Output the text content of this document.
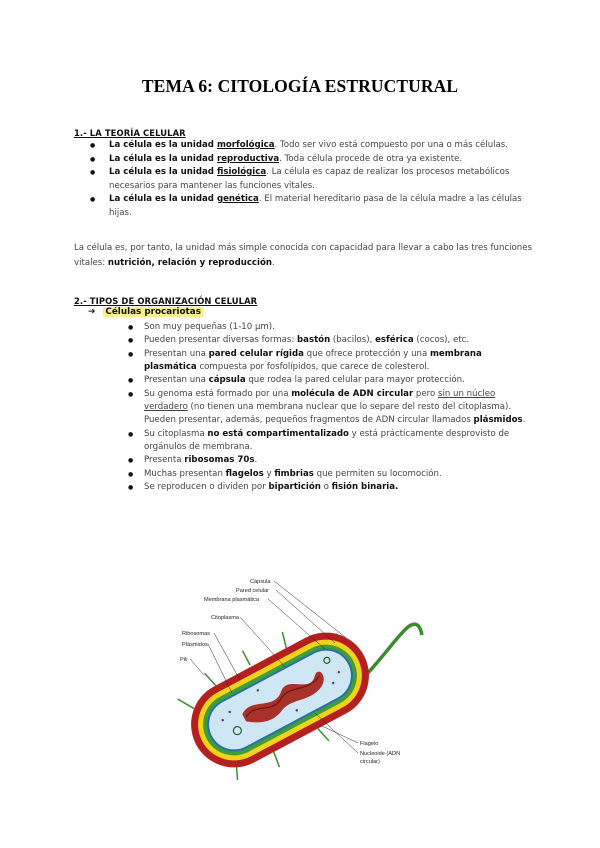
TEMA 6: CITOLOGÍA ESTRUCTURAL
1.- LA TEORÍA CELULAR
● La célula es la unidad morfológica. Todo ser vivo está compuesto por una o más células.
● La célula es la unidad reproductiva. Toda célula procede de otra ya existente.
● La célula es la unidad fisiológica. La célula es capaz de realizar los procesos metabólicos necesarios para mantener las funciones vitales.
● La célula es la unidad genética. El material hereditario pasa de la célula madre a las células hijas.
La célula es, por tanto, la unidad más simple conocida con capacidad para llevar a cabo las tres funciones vitales: nutrición, relación y reproducción.
2.- TIPOS DE ORGANIZACIÓN CELULAR
➔ Células procariotas
● Son muy pequeñas (1-10 µm).
● Pueden presentar diversas formas: bastón (bacilos), esférica (cocos), etc.
● Presentan una pared celular rígida que ofrece protección y una membrana plasmática compuesta por fosfolípidos, que carece de colesterol.
● Presentan una cápsula que rodea la pared celular para mayor protección.
● Su genoma está formado por una molécula de ADN circular pero sin un núcleo verdadero (no tienen una membrana nuclear que lo separe del resto del citoplasma). Pueden presentar, además, pequeños fragmentos de ADN circular llamados plásmidos.
● Su citoplasma no está compartimentalizado y está prácticamente desprovisto de orgánulos de membrana.
● Presenta ribosomas 70s.
● Muchas presentan flagelos y fimbrias que permiten su locomoción.
● Se reproducen o dividen por bipartición o fisión binaria.
Cápsula
Pared celular
Membrana plasmática
Citoplasma
Ribosomas
Plásmidos
Pili
Flagelo
Nucleoide (ADN
circular)
